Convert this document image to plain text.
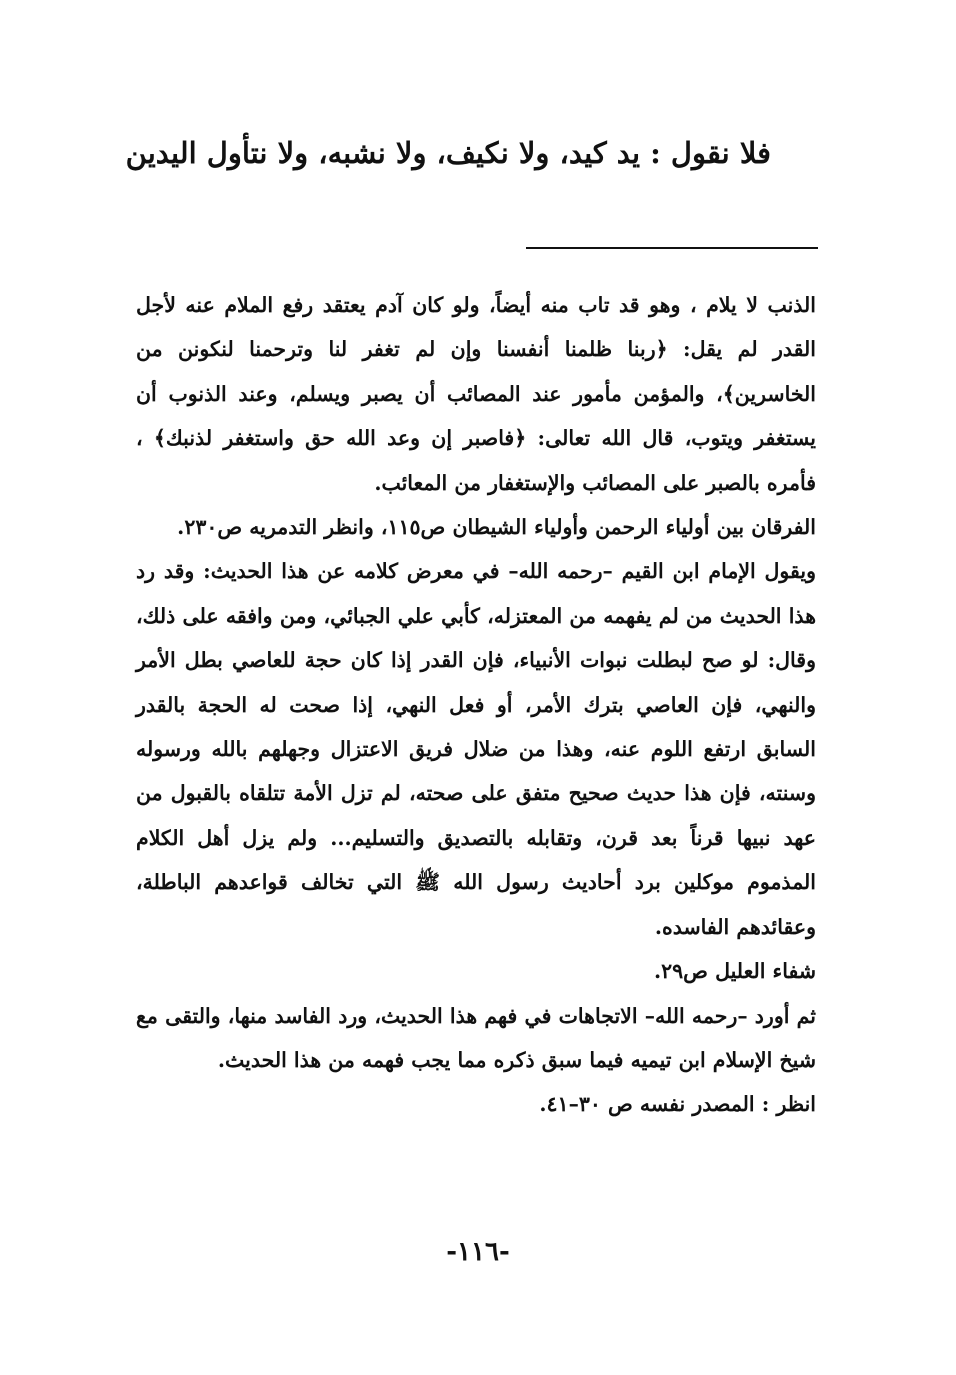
فلا نقول : يد كيد، ولا نكيف، ولا نشبه، ولا نتأول اليدين

الذنب لا يلام ، وهو قد تاب منه أيضاً، ولو كان آدم يعتقد رفع الملام عنه لأجل القدر لم يقل: ﴿ربنا ظلمنا أنفسنا وإن لم تغفر لنا وترحمنا لنكونن من الخاسرين﴾، والمؤمن مأمور عند المصائب أن يصبر ويسلم، وعند الذنوب أن يستغفر ويتوب، قال الله تعالى: ﴿فاصبر إن وعد الله حق واستغفر لذنبك﴾ ، فأمره بالصبر على المصائب والإستغفار من المعائب.

الفرقان بين أولياء الرحمن وأولياء الشيطان ص١١٥، وانظر التدمريه ص٢٣٠.

ويقول الإمام ابن القيم –رحمه الله– في معرض كلامه عن هذا الحديث: وقد رد هذا الحديث من لم يفهمه من المعتزله، كأبي علي الجبائي، ومن وافقه على ذلك، وقال: لو صح لبطلت نبوات الأنبياء، فإن القدر إذا كان حجة للعاصي بطل الأمر والنهي، فإن العاصي بترك الأمر، أو فعل النهي، إذا صحت له الحجة بالقدر السابق ارتفع اللوم عنه، وهذا من ضلال فريق الاعتزال وجهلهم بالله ورسوله وسنته، فإن هذا حديث صحيح متفق على صحته، لم تزل الأمة تتلقاه بالقبول من عهد نبيها قرناً بعد قرن، وتقابله بالتصديق والتسليم... ولم يزل أهل الكلام المذموم موكلين برد أحاديث رسول الله ﷺ التي تخالف قواعدهم الباطلة، وعقائدهم الفاسده.

شفاء العليل ص٢٩.

ثم أورد –رحمه الله– الاتجاهات في فهم هذا الحديث، ورد الفاسد منها، والتقى مع شيخ الإسلام ابن تيميه فيما سبق ذكره مما يجب فهمه من هذا الحديث.

انظر : المصدر نفسه ص ٣٠–٤١.

-١١٦-
